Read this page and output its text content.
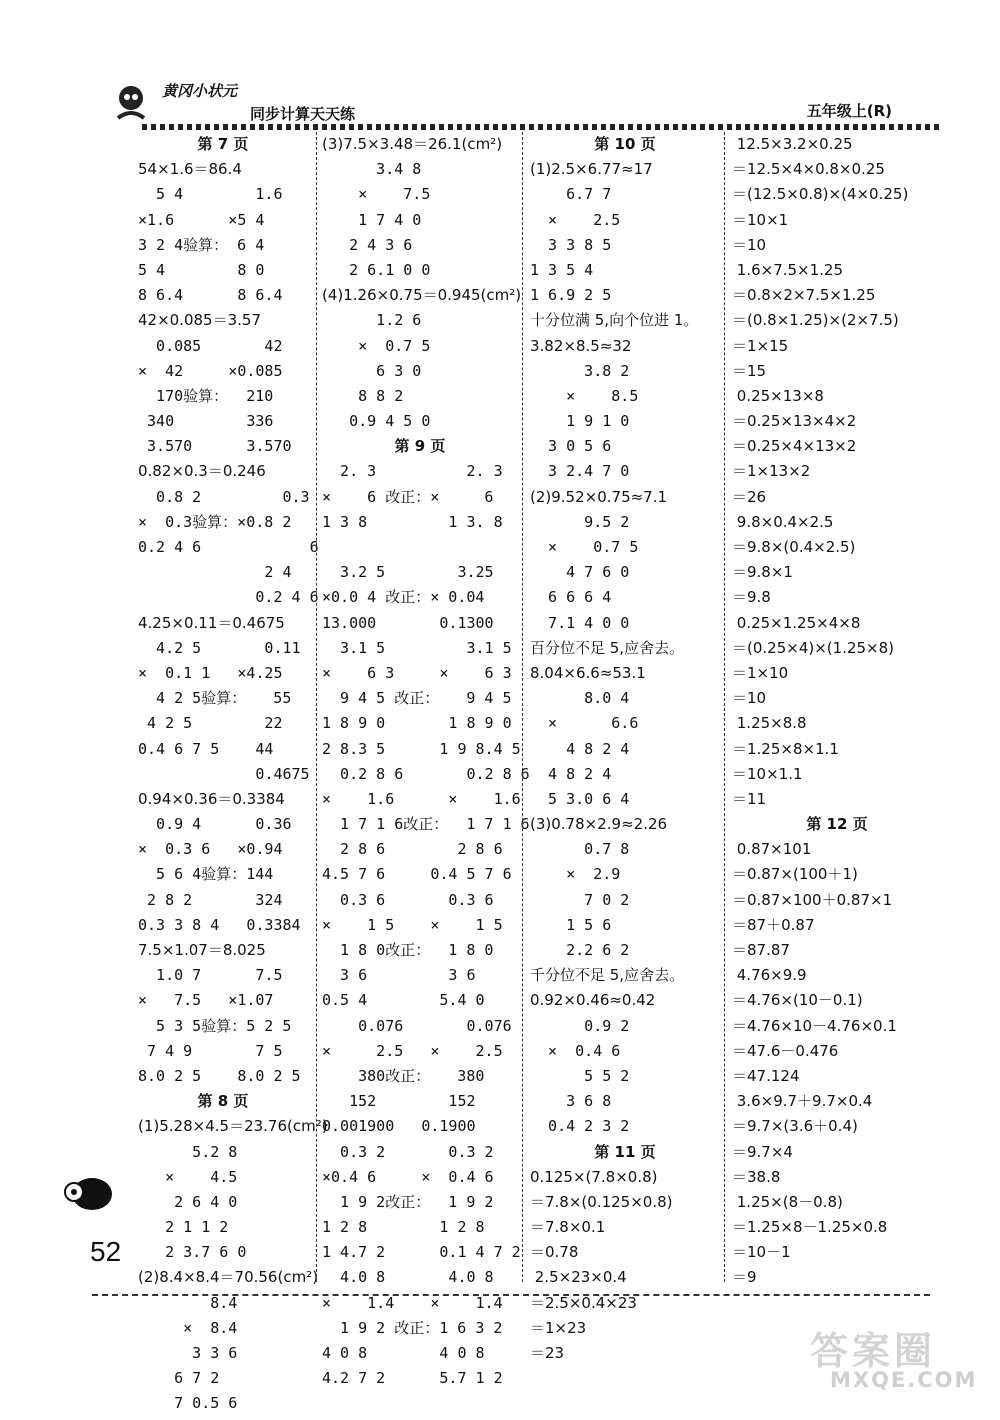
黄冈小状元
同步计算天天练	五年级上(R)
第 7 页
54×1.6＝86.4
5 4        1.6
×1.6      ×5 4
3 2 4验算： 6 4
5 4        8 0
8 6.4      8 6.4
42×0.085＝3.57
0.085       42
×  42     ×0.085
170验算：  210
340        336
3.570      3.570
0.82×0.3＝0.246
0.8 2         0.3
×  0.3验算：×0.8 2
0.2 4 6            6
2 4
0.2 4 6
4.25×0.11＝0.4675
4.2 5       0.11
×  0.1 1   ×4.25
4 2 5验算：   55
4 2 5        22
0.4 6 7 5    44
0.4675
0.94×0.36＝0.3384
0.9 4      0.36
×  0.3 6   ×0.94
5 6 4验算：144
2 8 2       324
0.3 3 8 4   0.3384
7.5×1.07＝8.025
1.0 7      7.5
×   7.5   ×1.07
5 3 5验算：5 2 5
7 4 9       7 5
8.0 2 5    8.0 2 5
第 8 页
(1)5.28×4.5＝23.76(cm²)
5.2 8
×    4.5
2 6 4 0
2 1 1 2
2 3.7 6 0
(2)8.4×8.4＝70.56(cm²)
8.4
×  8.4
3 3 6
6 7 2
7 0.5 6
(3)7.5×3.48＝26.1(cm²)
3.4 8
×    7.5
1 7 4 0
2 4 3 6
2 6.1 0 0
(4)1.26×0.75＝0.945(cm²)
1.2 6
×  0.7 5
6 3 0
8 8 2
0.9 4 5 0
第 9 页
2. 3          2. 3
×    6 改正：×     6
1 3 8         1 3. 8
3.2 5        3.25
×0.0 4 改正：× 0.04
13.000       0.1300
3.1 5         3.1 5
×    6 3     ×    6 3
9 4 5 改正：   9 4 5
1 8 9 0       1 8 9 0
2 8.3 5      1 9 8.4 5
0.2 8 6       0.2 8 6
×    1.6      ×    1.6
1 7 1 6改正：  1 7 1 6
2 8 6        2 8 6
4.5 7 6     0.4 5 7 6
0.3 6       0.3 6
×    1 5    ×    1 5
1 8 0改正：  1 8 0
3 6         3 6
0.5 4        5.4 0
0.076       0.076
×     2.5   ×    2.5
380改正：   380
152        152
0.001900   0.1900
0.3 2       0.3 2
×0.4 6     ×  0.4 6
1 9 2改正：  1 9 2
1 2 8        1 2 8
1 4.7 2      0.1 4 7 2
4.0 8       4.0 8
×    1.4    ×    1.4
1 9 2 改正：1 6 3 2
4 0 8        4 0 8
4.2 7 2      5.7 1 2
第 10 页
(1)2.5×6.77≈17
6.7 7
×    2.5
3 3 8 5
1 3 5 4
1 6.9 2 5
十分位满 5,向个位进 1。
3.82×8.5≈32
3.8 2
×    8.5
1 9 1 0
3 0 5 6
3 2.4 7 0
(2)9.52×0.75≈7.1
9.5 2
×    0.7 5
4 7 6 0
6 6 6 4
7.1 4 0 0
百分位不足 5,应舍去。
8.04×6.6≈53.1
8.0 4
×      6.6
4 8 2 4
4 8 2 4
5 3.0 6 4
(3)0.78×2.9≈2.26
0.7 8
×  2.9
7 0 2
1 5 6
2.2 6 2
千分位不足 5,应舍去。
0.92×0.46≈0.42
0.9 2
×  0.4 6
5 5 2
3 6 8
0.4 2 3 2
第 11 页
0.125×(7.8×0.8)
＝7.8×(0.125×0.8)
＝7.8×0.1
＝0.78
2.5×23×0.4
＝2.5×0.4×23
＝1×23
＝23
12.5×3.2×0.25
＝12.5×4×0.8×0.25
＝(12.5×0.8)×(4×0.25)
＝10×1
＝10
1.6×7.5×1.25
＝0.8×2×7.5×1.25
＝(0.8×1.25)×(2×7.5)
＝1×15
＝15
0.25×13×8
＝0.25×13×4×2
＝0.25×4×13×2
＝1×13×2
＝26
9.8×0.4×2.5
＝9.8×(0.4×2.5)
＝9.8×1
＝9.8
0.25×1.25×4×8
＝(0.25×4)×(1.25×8)
＝1×10
＝10
1.25×8.8
＝1.25×8×1.1
＝10×1.1
＝11
第 12 页
0.87×101
＝0.87×(100＋1)
＝0.87×100＋0.87×1
＝87＋0.87
＝87.87
4.76×9.9
＝4.76×(10－0.1)
＝4.76×10－4.76×0.1
＝47.6－0.476
＝47.124
3.6×9.7＋9.7×0.4
＝9.7×(3.6＋0.4)
＝9.7×4
＝38.8
1.25×(8－0.8)
＝1.25×8－1.25×0.8
＝10－1
＝9
52
答案圈
MXQE.COM
